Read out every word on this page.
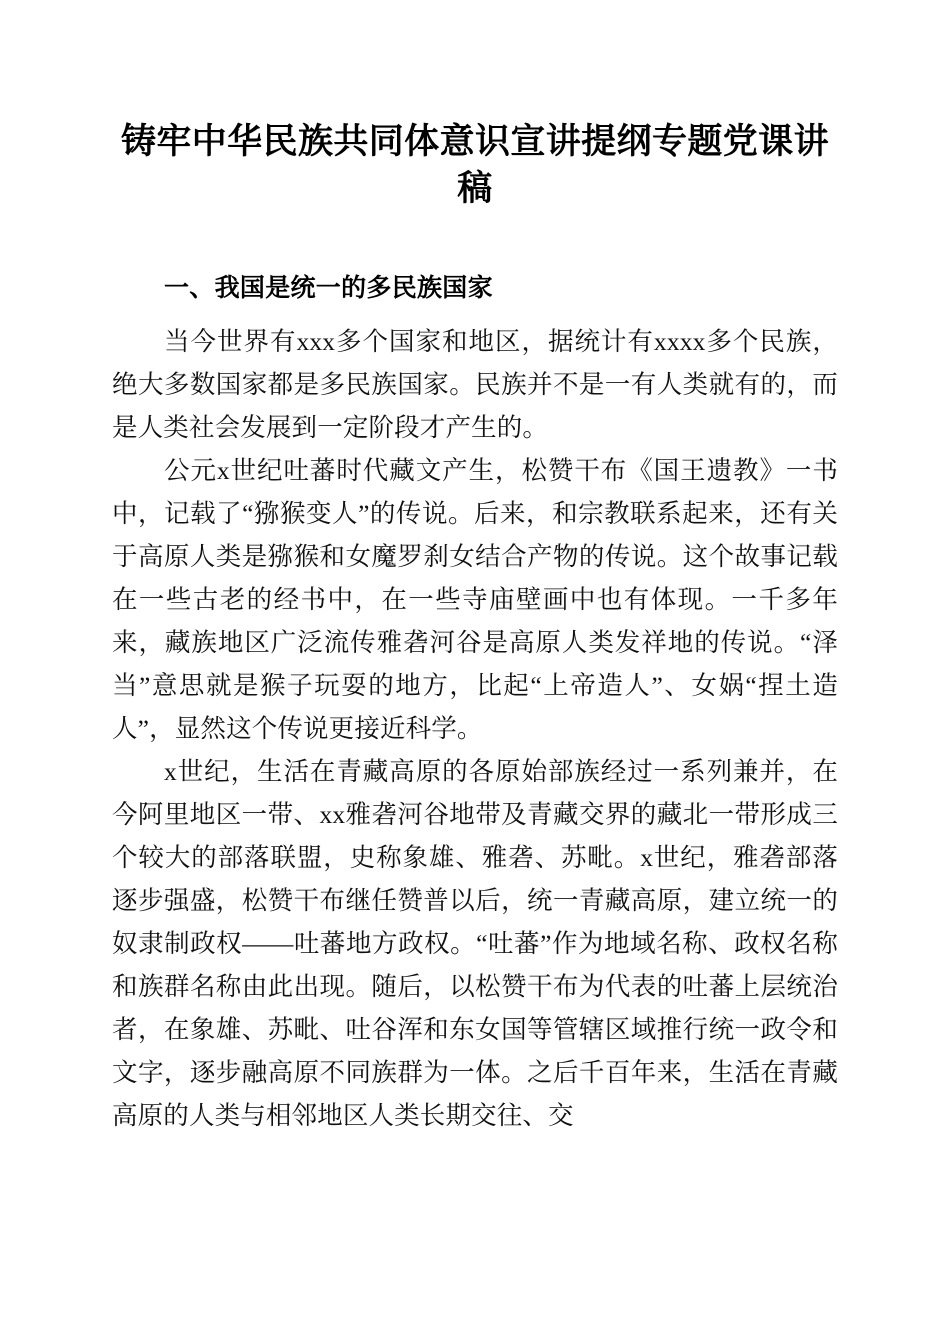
铸牢中华民族共同体意识宣讲提纲专题党课讲稿
一、我国是统一的多民族国家

当今世界有xxx多个国家和地区，据统计有xxxx多个民族，绝大多数国家都是多民族国家。民族并不是一有人类就有的，而是人类社会发展到一定阶段才产生的。

公元x世纪吐蕃时代藏文产生，松赞干布《国王遗教》一书中，记载了“猕猴变人”的传说。后来，和宗教联系起来，还有关于高原人类是猕猴和女魔罗刹女结合产物的传说。这个故事记载在一些古老的经书中，在一些寺庙壁画中也有体现。一千多年来，藏族地区广泛流传雅砻河谷是高原人类发祥地的传说。“泽当”意思就是猴子玩耍的地方，比起“上帝造人”、女娲“捏土造人”，显然这个传说更接近科学。

x世纪，生活在青藏高原的各原始部族经过一系列兼并，在今阿里地区一带、xx雅砻河谷地带及青藏交界的藏北一带形成三个较大的部落联盟，史称象雄、雅砻、苏毗。x世纪，雅砻部落逐步强盛，松赞干布继任赞普以后，统一青藏高原，建立统一的奴隶制政权——吐蕃地方政权。“吐蕃”作为地域名称、政权名称和族群名称由此出现。随后，以松赞干布为代表的吐蕃上层统治者，在象雄、苏毗、吐谷浑和东女国等管辖区域推行统一政令和文字，逐步融高原不同族群为一体。之后千百年来，生活在青藏高原的人类与相邻地区人类长期交往、交
